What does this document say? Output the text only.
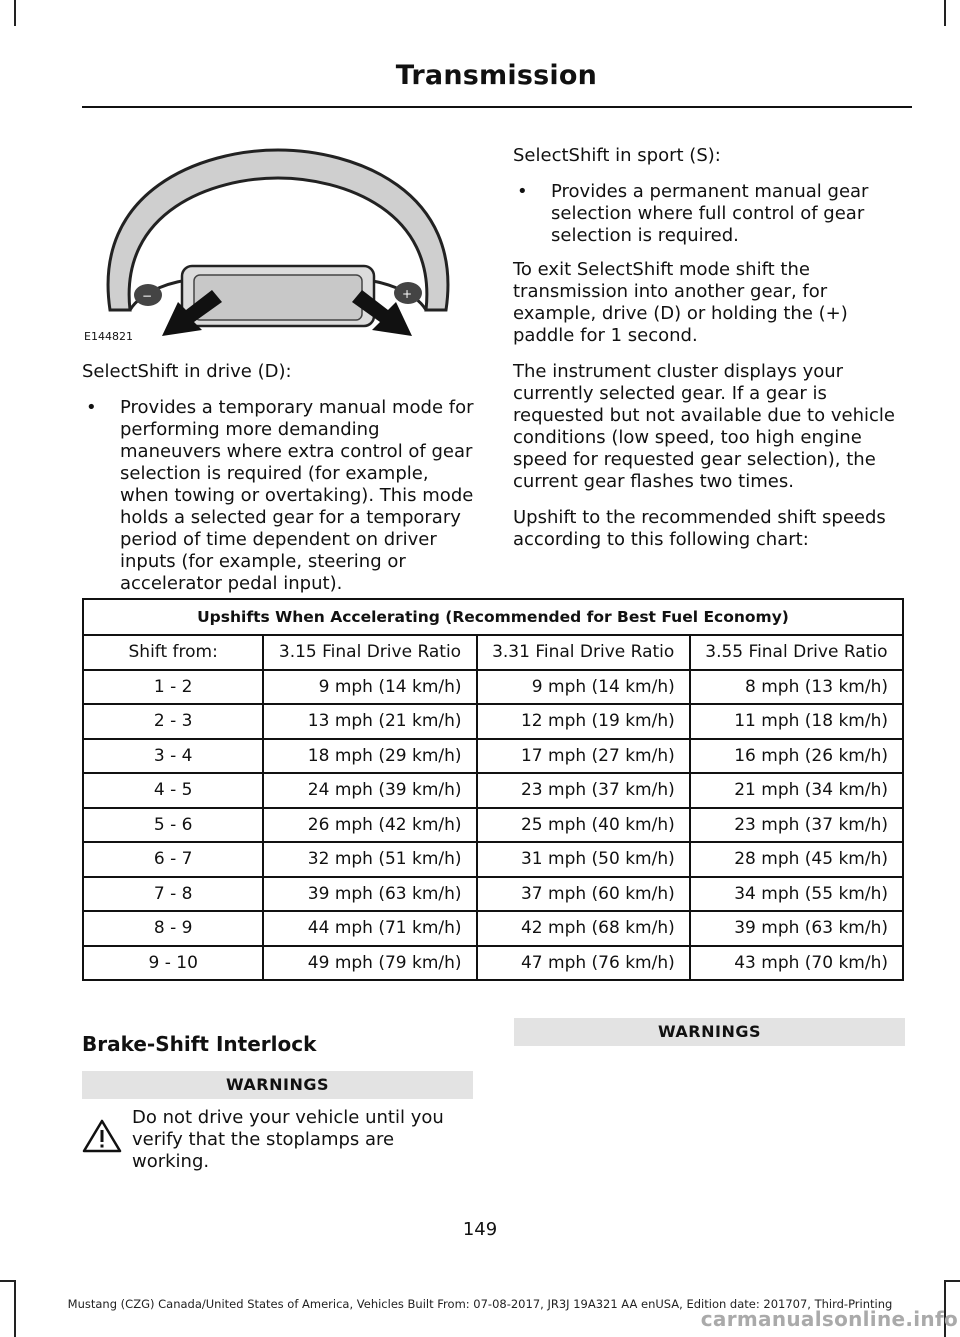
Transmission
−	+
E144821

SelectShift in drive (D):

•	Provides a temporary manual mode for performing more demanding maneuvers where extra control of gear selection is required (for example, when towing or overtaking). This mode holds a selected gear for a temporary period of time dependent on driver inputs (for example, steering or accelerator pedal input).

SelectShift in sport (S):

•	Provides a permanent manual gear selection where full control of gear selection is required.

To exit SelectShift mode shift the transmission into another gear, for example, drive (D) or holding the (+) paddle for 1 second.

The instrument cluster displays your currently selected gear. If a gear is requested but not available due to vehicle conditions (low speed, too high engine speed for requested gear selection), the current gear flashes two times.

Upshift to the recommended shift speeds according to this following chart:

Upshifts When Accelerating (Recommended for Best Fuel Economy)			
Shift from:	3.15 Final Drive Ratio	3.31 Final Drive Ratio	3.55 Final Drive Ratio
1 - 2	9 mph (14 km/h)	9 mph (14 km/h)	8 mph (13 km/h)
2 - 3	13 mph (21 km/h)	12 mph (19 km/h)	11 mph (18 km/h)
3 - 4	18 mph (29 km/h)	17 mph (27 km/h)	16 mph (26 km/h)
4 - 5	24 mph (39 km/h)	23 mph (37 km/h)	21 mph (34 km/h)
5 - 6	26 mph (42 km/h)	25 mph (40 km/h)	23 mph (37 km/h)
6 - 7	32 mph (51 km/h)	31 mph (50 km/h)	28 mph (45 km/h)
7 - 8	39 mph (63 km/h)	37 mph (60 km/h)	34 mph (55 km/h)
8 - 9	44 mph (71 km/h)	42 mph (68 km/h)	39 mph (63 km/h)
9 - 10	49 mph (79 km/h)	47 mph (76 km/h)	43 mph (70 km/h)
Brake-Shift Interlock
WARNINGS
Do not drive your vehicle until you verify that the stoplamps are working.
WARNINGS
149
Mustang (CZG) Canada/United States of America, Vehicles Built From: 07-08-2017, JR3J 19A321 AA enUSA, Edition date: 201707, Third-Printing
carmanualsonline.info
